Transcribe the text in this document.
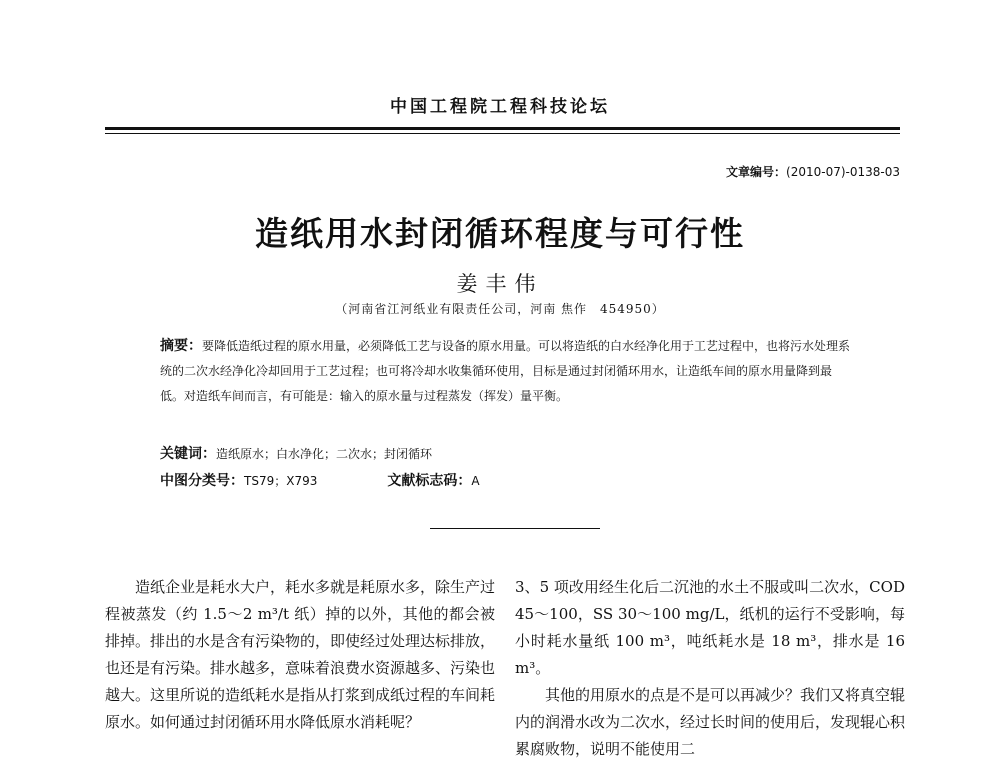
中国工程院工程科技论坛
文章编号：(2010-07)-0138-03
造纸用水封闭循环程度与可行性
姜丰伟
（河南省江河纸业有限责任公司，河南 焦作　454950）
摘要：要降低造纸过程的原水用量，必须降低工艺与设备的原水用量。可以将造纸的白水经净化用于工艺过程中，也将污水处理系统的二次水经净化冷却回用于工艺过程；也可将冷却水收集循环使用，目标是通过封闭循环用水，让造纸车间的原水用量降到最低。对造纸车间而言，有可能是：输入的原水量与过程蒸发（挥发）量平衡。
关键词：造纸原水；白水净化；二次水；封闭循环
中图分类号：TS79；X793	文献标志码：A

造纸企业是耗水大户，耗水多就是耗原水多，除生产过程被蒸发（约 1.5～2 m³/t 纸）掉的以外，其他的都会被排掉。排出的水是含有污染物的，即使经过处理达标排放，也还是有污染。排水越多，意味着浪费水资源越多、污染也越大。这里所说的造纸耗水是指从打浆到成纸过程的车间耗原水。如何通过封闭循环用水降低原水消耗呢？

3、5 项改用经生化后二沉池的水土不服或叫二次水，COD 45～100，SS 30～100 mg/L，纸机的运行不受影响，每小时耗水量纸 100 m³，吨纸耗水是 18 m³，排水是 16 m³。

其他的用原水的点是不是可以再减少？我们又将真空辊内的润滑水改为二次水，经过长时间的使用后，发现辊心积累腐败物，说明不能使用二
